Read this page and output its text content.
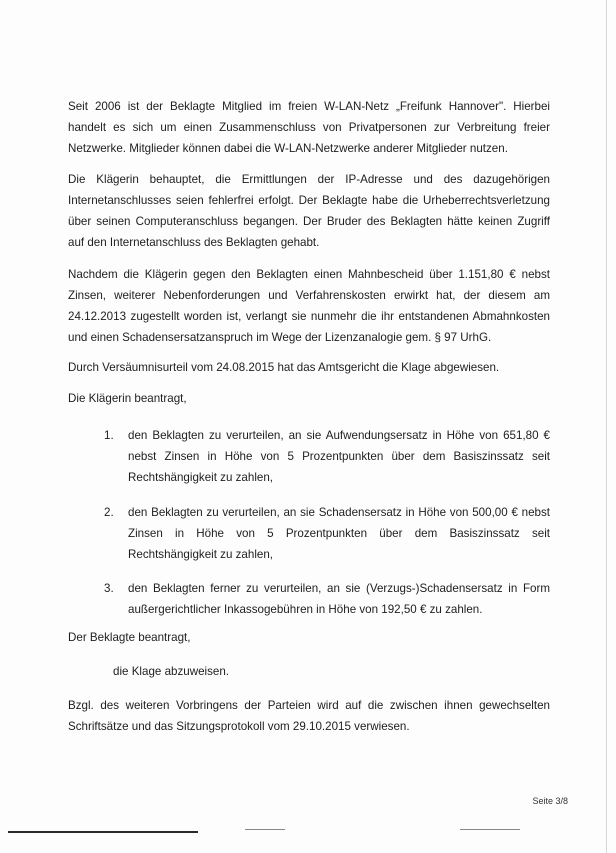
Seit 2006 ist der Beklagte Mitglied im freien W-LAN-Netz „Freifunk Hannover". Hierbei handelt es sich um einen Zusammenschluss von Privatpersonen zur Verbreitung freier Netzwerke. Mitglieder können dabei die W-LAN-Netzwerke anderer Mitglieder nutzen.
Die Klägerin behauptet, die Ermittlungen der IP-Adresse und des dazugehörigen Internetanschlusses seien fehlerfrei erfolgt. Der Beklagte habe die Urheberrechtsverletzung über seinen Computeranschluss begangen. Der Bruder des Beklagten hätte keinen Zugriff auf den Internetanschluss des Beklagten gehabt.
Nachdem die Klägerin gegen den Beklagten einen Mahnbescheid über 1.151,80 € nebst Zinsen, weiterer Nebenforderungen und Verfahrenskosten erwirkt hat, der diesem am 24.12.2013 zugestellt worden ist, verlangt sie nunmehr die ihr entstandenen Abmahnkosten und einen Schadensersatzanspruch im Wege der Lizenzanalogie gem. § 97 UrhG.
Durch Versäumnisurteil vom 24.08.2015 hat das Amtsgericht die Klage abgewiesen.
Die Klägerin beantragt,
1.	den Beklagten zu verurteilen, an sie Aufwendungsersatz in Höhe von 651,80 € nebst Zinsen in Höhe von 5 Prozentpunkten über dem Basiszinssatz seit Rechtshängigkeit zu zahlen,
2.	den Beklagten zu verurteilen, an sie Schadensersatz in Höhe von 500,00 € nebst Zinsen in Höhe von 5 Prozentpunkten über dem Basiszinssatz seit Rechtshängigkeit zu zahlen,
3.	den Beklagten ferner zu verurteilen, an sie (Verzugs-)Schadensersatz in Form außergerichtlicher Inkassogebühren in Höhe von 192,50 € zu zahlen.
Der Beklagte beantragt,
die Klage abzuweisen.
Bzgl. des weiteren Vorbringens der Parteien wird auf die zwischen ihnen gewechselten Schriftsätze und das Sitzungsprotokoll vom 29.10.2015 verwiesen.
Seite 3/8
